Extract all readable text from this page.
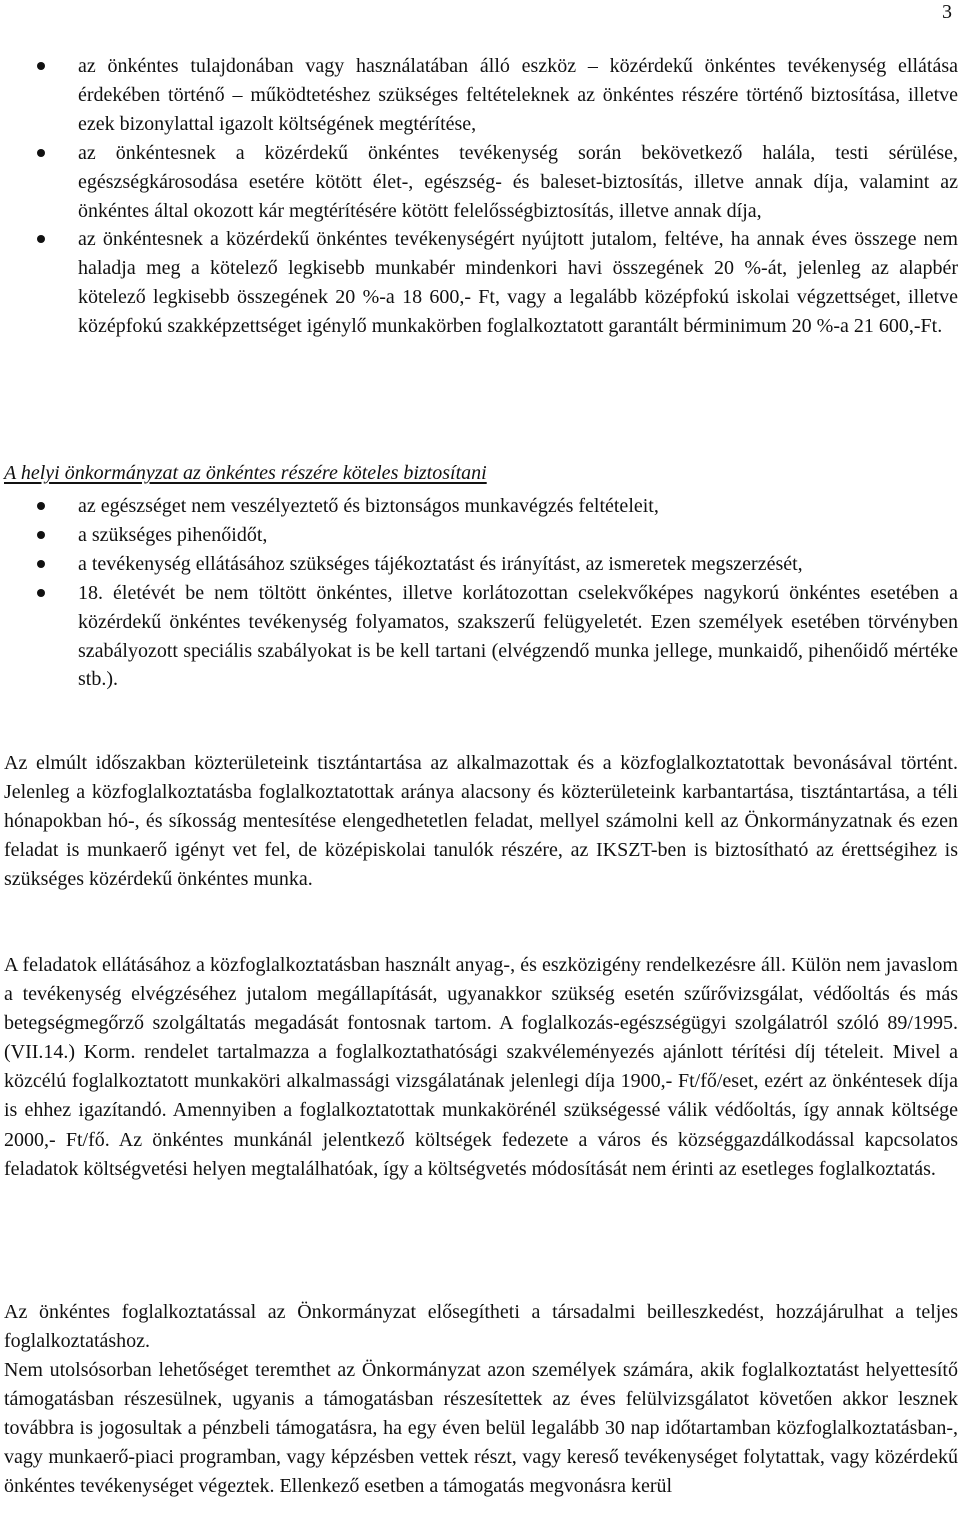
3
az önkéntes tulajdonában vagy használatában álló eszköz – közérdekű önkéntes tevékenység ellátása érdekében történő – működtetéshez szükséges feltételeknek az önkéntes részére történő biztosítása, illetve ezek bizonylattal igazolt költségének megtérítése,
az önkéntesnek a közérdekű önkéntes tevékenység során bekövetkező halála, testi sérülése, egészségkárosodása esetére kötött élet-, egészség- és baleset-biztosítás, illetve annak díja, valamint az önkéntes által okozott kár megtérítésére kötött felelősségbiztosítás, illetve annak díja,
az önkéntesnek a közérdekű önkéntes tevékenységért nyújtott jutalom, feltéve, ha annak éves összege nem haladja meg a kötelező legkisebb munkabér mindenkori havi összegének 20 %-át, jelenleg az alapbér kötelező legkisebb összegének 20 %-a 18 600,- Ft, vagy a legalább középfokú iskolai végzettséget, illetve középfokú szakképzettséget igénylő munkakörben foglalkoztatott garantált bérminimum 20 %-a 21 600,-Ft.
A helyi önkormányzat az önkéntes részére köteles biztosítani
az egészséget nem veszélyeztető és biztonságos munkavégzés feltételeit,
a szükséges pihenőidőt,
a tevékenység ellátásához szükséges tájékoztatást és irányítást, az ismeretek megszerzését,
18. életévét be nem töltött önkéntes, illetve korlátozottan cselekvőképes nagykorú önkéntes esetében a közérdekű önkéntes tevékenység folyamatos, szakszerű felügyeletét. Ezen személyek esetében törvényben szabályozott speciális szabályokat is be kell tartani (elvégzendő munka jellege, munkaidő, pihenőidő mértéke stb.).

Az elmúlt időszakban közterületeink tisztántartása az alkalmazottak és a közfoglalkoztatottak bevonásával történt. Jelenleg a közfoglalkoztatásba foglalkoztatottak aránya alacsony és közterületeink karbantartása, tisztántartása, a téli hónapokban hó-, és síkosság mentesítése elengedhetetlen feladat, mellyel számolni kell az Önkormányzatnak és ezen feladat is munkaerő igényt vet fel, de középiskolai tanulók részére, az IKSZT-ben is biztosítható az érettségihez is szükséges közérdekű önkéntes munka.

A feladatok ellátásához a közfoglalkoztatásban használt anyag-, és eszközigény rendelkezésre áll. Külön nem javaslom a tevékenység elvégzéséhez jutalom megállapítását, ugyanakkor szükség esetén szűrővizsgálat, védőoltás és más betegségmegőrző szolgáltatás megadását fontosnak tartom. A foglalkozás-egészségügyi szolgálatról szóló 89/1995. (VII.14.) Korm. rendelet tartalmazza a foglalkoztathatósági szakvéleményezés ajánlott térítési díj tételeit. Mivel a közcélú foglalkoztatott munkaköri alkalmassági vizsgálatának jelenlegi díja 1900,- Ft/fő/eset, ezért az önkéntesek díja is ehhez igazítandó. Amennyiben a foglalkoztatottak munkakörénél szükségessé válik védőoltás, így annak költsége 2000,- Ft/fő. Az önkéntes munkánál jelentkező költségek fedezete a város és községgazdálkodással kapcsolatos feladatok költségvetési helyen megtalálhatóak, így a költségvetés módosítását nem érinti az esetleges foglalkoztatás.

Az önkéntes foglalkoztatással az Önkormányzat elősegítheti a társadalmi beilleszkedést, hozzájárulhat a teljes foglalkoztatáshoz.

Nem utolsósorban lehetőséget teremthet az Önkormányzat azon személyek számára, akik foglalkoztatást helyettesítő támogatásban részesülnek, ugyanis a támogatásban részesítettek az éves felülvizsgálatot követően akkor lesznek továbbra is jogosultak a pénzbeli támogatásra, ha egy éven belül legalább 30 nap időtartamban közfoglalkoztatásban-, vagy munkaerő-piaci programban, vagy képzésben vettek részt, vagy kereső tevékenységet folytattak, vagy közérdekű önkéntes tevékenységet végeztek. Ellenkező esetben a támogatás megvonásra kerül
